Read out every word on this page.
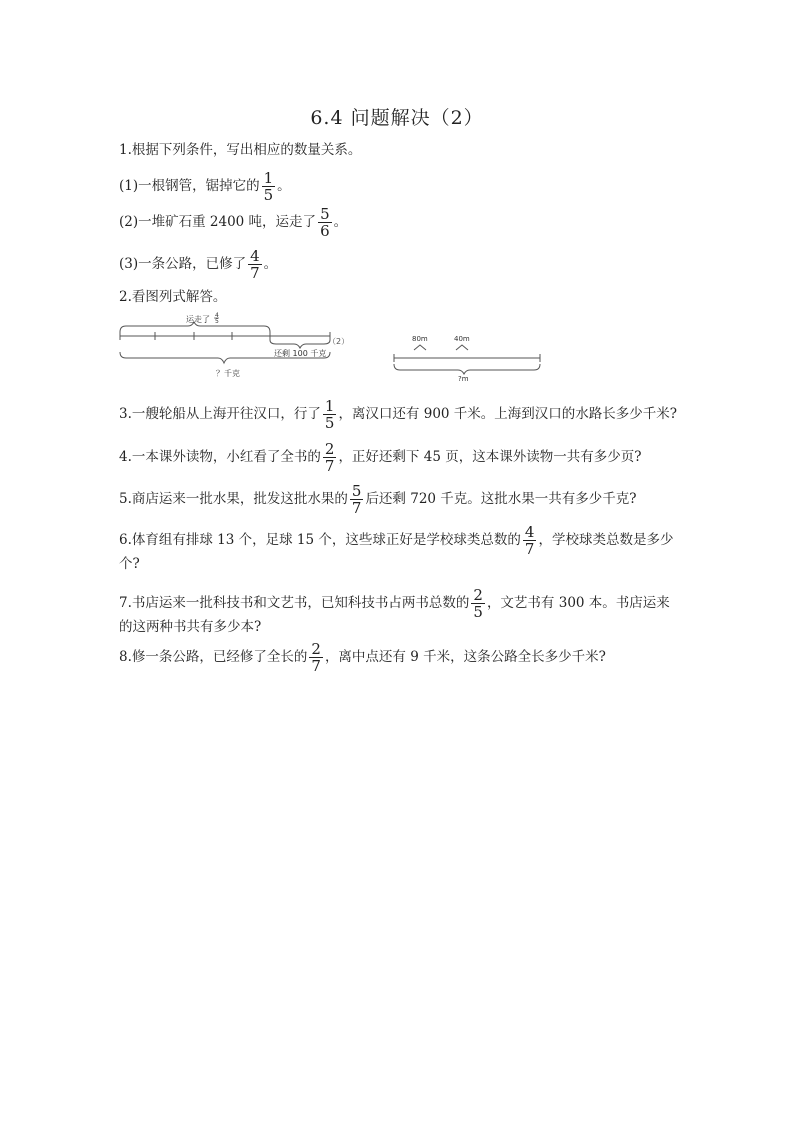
6.4 问题解决（2）
1.根据下列条件，写出相应的数量关系。
(1)一根钢管，锯掉它的 $\frac{1}{5}$ 。
(2)一堆矿石重 2400 吨，运走了 $\frac{5}{6}$ 。
(3)一条公路，已修了 $\frac{4}{7}$ 。
2.看图列式解答。
运走了 4
5
还剩 100 千克
？千克
（2）	80m	40m
?m
3.一艘轮船从上海开往汉口，行了 $\frac{1}{5}$ ，离汉口还有 900 千米。上海到汉口的水路长多少千米?
4.一本课外读物，小红看了全书的 $\frac{2}{7}$ ，正好还剩下 45 页，这本课外读物一共有多少页?
5.商店运来一批水果，批发这批水果的 $\frac{5}{7}$ 后还剩 720 千克。这批水果一共有多少千克?
6.体育组有排球 13 个，足球 15 个，这些球正好是学校球类总数的 $\frac{4}{7}$ ，学校球类总数是多少
个?
7.书店运来一批科技书和文艺书，已知科技书占两书总数的 $\frac{2}{5}$ ，文艺书有 300 本。书店运来
的这两种书共有多少本?
8.修一条公路，已经修了全长的 $\frac{2}{7}$ ，离中点还有 9 千米，这条公路全长多少千米?
